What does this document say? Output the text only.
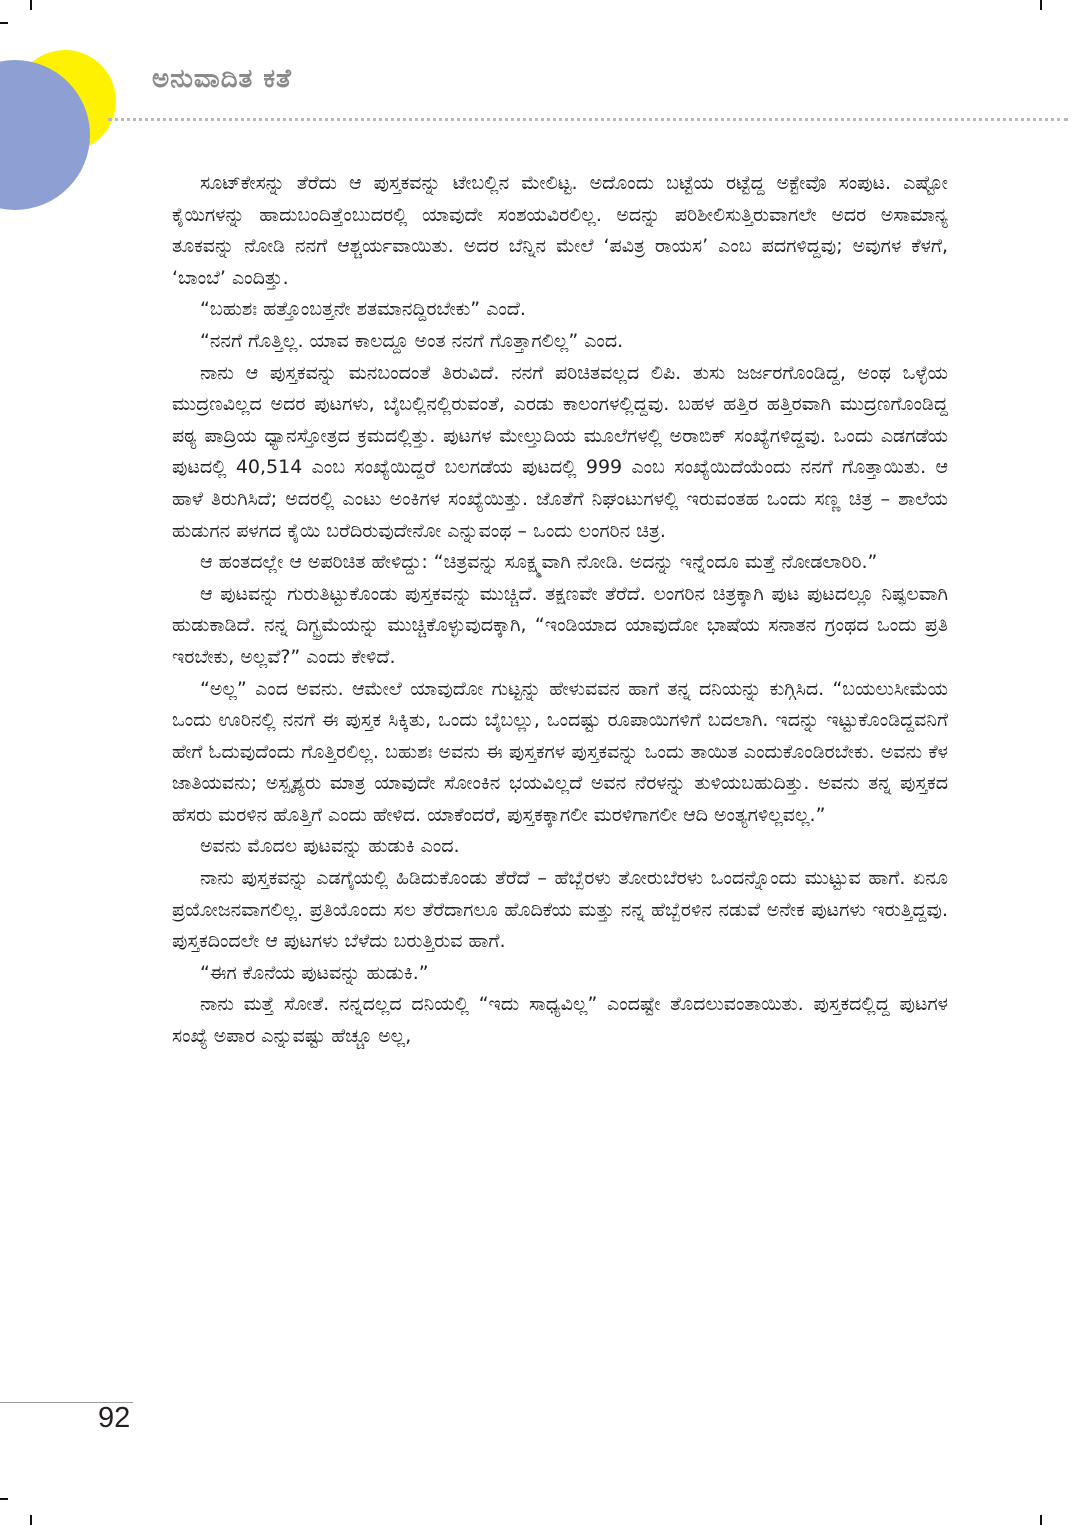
ಅನುವಾದಿತ ಕತೆ

ಸೂಟ್‌ಕೇಸನ್ನು ತೆರೆದು ಆ ಪುಸ್ತಕವನ್ನು ಟೇಬಲ್ಲಿನ ಮೇಲಿಟ್ಟ. ಅದೊಂದು ಬಟ್ಟೆಯ ರಟ್ಟೆದ್ದ ಅಕ್ಟೇವೊ ಸಂಪುಟ. ಎಷ್ಟೋ ಕೈಯಿಗಳನ್ನು ಹಾದುಬಂದಿತ್ತೆಂಬುದರಲ್ಲಿ ಯಾವುದೇ ಸಂಶಯವಿರಲಿಲ್ಲ. ಅದನ್ನು ಪರಿಶೀಲಿಸುತ್ತಿರುವಾಗಲೇ ಅದರ ಅಸಾಮಾನ್ಯ ತೂಕವನ್ನು ನೋಡಿ ನನಗೆ ಆಶ್ಚರ್ಯವಾಯಿತು. ಅದರ ಬೆನ್ನಿನ ಮೇಲೆ ‘ಪವಿತ್ರ ರಾಯಸ’ ಎಂಬ ಪದಗಳಿದ್ದವು; ಅವುಗಳ ಕೆಳಗೆ, ‘ಬಾಂಬೆ’ ಎಂದಿತ್ತು.

“ಬಹುಶಃ ಹತ್ತೊಂಬತ್ತನೇ ಶತಮಾನದ್ದಿರಬೇಕು” ಎಂದೆ.

“ನನಗೆ ಗೊತ್ತಿಲ್ಲ. ಯಾವ ಕಾಲದ್ದೂ ಅಂತ ನನಗೆ ಗೊತ್ತಾಗಲಿಲ್ಲ” ಎಂದ.

ನಾನು ಆ ಪುಸ್ತಕವನ್ನು ಮನಬಂದಂತೆ ತಿರುವಿದೆ. ನನಗೆ ಪರಿಚಿತವಲ್ಲದ ಲಿಪಿ. ತುಸು ಜರ್ಜರಗೊಂಡಿದ್ದ, ಅಂಥ ಒಳ್ಳೆಯ ಮುದ್ರಣವಿಲ್ಲದ ಅದರ ಪುಟಗಳು, ಬೈಬಲ್ಲಿನಲ್ಲಿರುವಂತೆ, ಎರಡು ಕಾಲಂಗಳಲ್ಲಿದ್ದವು. ಬಹಳ ಹತ್ತಿರ ಹತ್ತಿರವಾಗಿ ಮುದ್ರಣಗೊಂಡಿದ್ದ ಪಠ್ಯ ಪಾದ್ರಿಯ ಧ್ಯಾನಸ್ತೋತ್ರದ ಕ್ರಮದಲ್ಲಿತ್ತು. ಪುಟಗಳ ಮೇಲ್ತುದಿಯ ಮೂಲೆಗಳಲ್ಲಿ ಅರಾಬಿಕ್ ಸಂಖ್ಯೆಗಳಿದ್ದವು. ಒಂದು ಎಡಗಡೆಯ ಪುಟದಲ್ಲಿ 40,514 ಎಂಬ ಸಂಖ್ಯೆಯಿದ್ದರೆ ಬಲಗಡೆಯ ಪುಟದಲ್ಲಿ 999 ಎಂಬ ಸಂಖ್ಯೆಯಿದೆಯೆಂದು ನನಗೆ ಗೊತ್ತಾಯಿತು. ಆ ಹಾಳೆ ತಿರುಗಿಸಿದೆ; ಅದರಲ್ಲಿ ಎಂಟು ಅಂಕಿಗಳ ಸಂಖ್ಯೆಯಿತ್ತು. ಜೊತೆಗೆ ನಿಘಂಟುಗಳಲ್ಲಿ ಇರುವಂತಹ ಒಂದು ಸಣ್ಣ ಚಿತ್ರ – ಶಾಲೆಯ ಹುಡುಗನ ಪಳಗದ ಕೈಯಿ ಬರೆದಿರುವುದೇನೋ ಎನ್ನುವಂಥ – ಒಂದು ಲಂಗರಿನ ಚಿತ್ರ.

ಆ ಹಂತದಲ್ಲೇ ಆ ಅಪರಿಚಿತ ಹೇಳಿದ್ದು: “ಚಿತ್ರವನ್ನು ಸೂಕ್ಷ್ಮವಾಗಿ ನೋಡಿ. ಅದನ್ನು ಇನ್ನೆಂದೂ ಮತ್ತೆ ನೋಡಲಾರಿರಿ.”

ಆ ಪುಟವನ್ನು ಗುರುತಿಟ್ಟುಕೊಂಡು ಪುಸ್ತಕವನ್ನು ಮುಚ್ಚಿದೆ. ತಕ್ಷಣವೇ ತೆರೆದೆ. ಲಂಗರಿನ ಚಿತ್ರಕ್ಕಾಗಿ ಪುಟ ಪುಟದಲ್ಲೂ ನಿಷ್ಫಲವಾಗಿ ಹುಡುಕಾಡಿದೆ. ನನ್ನ ದಿಗ್ಭ್ರಮೆಯನ್ನು ಮುಚ್ಚಿಕೊಳ್ಳುವುದಕ್ಕಾಗಿ, “ಇಂಡಿಯಾದ ಯಾವುದೋ ಭಾಷೆಯ ಸನಾತನ ಗ್ರಂಥದ ಒಂದು ಪ್ರತಿ ಇರಬೇಕು, ಅಲ್ಲವೆ?” ಎಂದು ಕೇಳಿದೆ.

“ಅಲ್ಲ” ಎಂದ ಅವನು. ಆಮೇಲೆ ಯಾವುದೋ ಗುಟ್ಟನ್ನು ಹೇಳುವವನ ಹಾಗೆ ತನ್ನ ದನಿಯನ್ನು ಕುಗ್ಗಿಸಿದ. “ಬಯಲುಸೀಮೆಯ ಒಂದು ಊರಿನಲ್ಲಿ ನನಗೆ ಈ ಪುಸ್ತಕ ಸಿಕ್ಕಿತು, ಒಂದು ಬೈಬಲ್ಲು, ಒಂದಷ್ಟು ರೂಪಾಯಿಗಳಿಗೆ ಬದಲಾಗಿ. ಇದನ್ನು ಇಟ್ಟುಕೊಂಡಿದ್ದವನಿಗೆ ಹೇಗೆ ಓದುವುದೆಂದು ಗೊತ್ತಿರಲಿಲ್ಲ. ಬಹುಶಃ ಅವನು ಈ ಪುಸ್ತಕಗಳ ಪುಸ್ತಕವನ್ನು ಒಂದು ತಾಯಿತ ಎಂದುಕೊಂಡಿರಬೇಕು. ಅವನು ಕೆಳ ಜಾತಿಯವನು; ಅಸ್ಪೃಶ್ಯರು ಮಾತ್ರ ಯಾವುದೇ ಸೋಂಕಿನ ಭಯವಿಲ್ಲದೆ ಅವನ ನೆರಳನ್ನು ತುಳಿಯಬಹುದಿತ್ತು. ಅವನು ತನ್ನ ಪುಸ್ತಕದ ಹೆಸರು ಮರಳಿನ ಹೊತ್ತಿಗೆ ಎಂದು ಹೇಳಿದ. ಯಾಕೆಂದರೆ, ಪುಸ್ತಕಕ್ಕಾಗಲೀ ಮರಳಿಗಾಗಲೀ ಆದಿ ಅಂತ್ಯಗಳಿಲ್ಲವಲ್ಲ.”

ಅವನು ಮೊದಲ ಪುಟವನ್ನು ಹುಡುಕಿ ಎಂದ.

ನಾನು ಪುಸ್ತಕವನ್ನು ಎಡಗೈಯಲ್ಲಿ ಹಿಡಿದುಕೊಂಡು ತೆರೆದೆ – ಹೆಬ್ಬೆರಳು ತೋರುಬೆರಳು ಒಂದನ್ನೊಂದು ಮುಟ್ಟುವ ಹಾಗೆ. ಏನೂ ಪ್ರಯೋಜನವಾಗಲಿಲ್ಲ. ಪ್ರತಿಯೊಂದು ಸಲ ತೆರೆದಾಗಲೂ ಹೊದಿಕೆಯ ಮತ್ತು ನನ್ನ ಹೆಬ್ಬೆರಳಿನ ನಡುವೆ ಅನೇಕ ಪುಟಗಳು ಇರುತ್ತಿದ್ದವು. ಪುಸ್ತಕದಿಂದಲೇ ಆ ಪುಟಗಳು ಬೆಳೆದು ಬರುತ್ತಿರುವ ಹಾಗೆ.

“ಈಗ ಕೊನೆಯ ಪುಟವನ್ನು ಹುಡುಕಿ.”

ನಾನು ಮತ್ತೆ ಸೋತೆ. ನನ್ನದಲ್ಲದ ದನಿಯಲ್ಲಿ “ಇದು ಸಾಧ್ಯವಿಲ್ಲ” ಎಂದಷ್ಟೇ ತೊದಲುವಂತಾಯಿತು. ಪುಸ್ತಕದಲ್ಲಿದ್ದ ಪುಟಗಳ ಸಂಖ್ಯೆ ಅಪಾರ ಎನ್ನುವಷ್ಟು ಹೆಚ್ಚೂ ಅಲ್ಲ,

92
